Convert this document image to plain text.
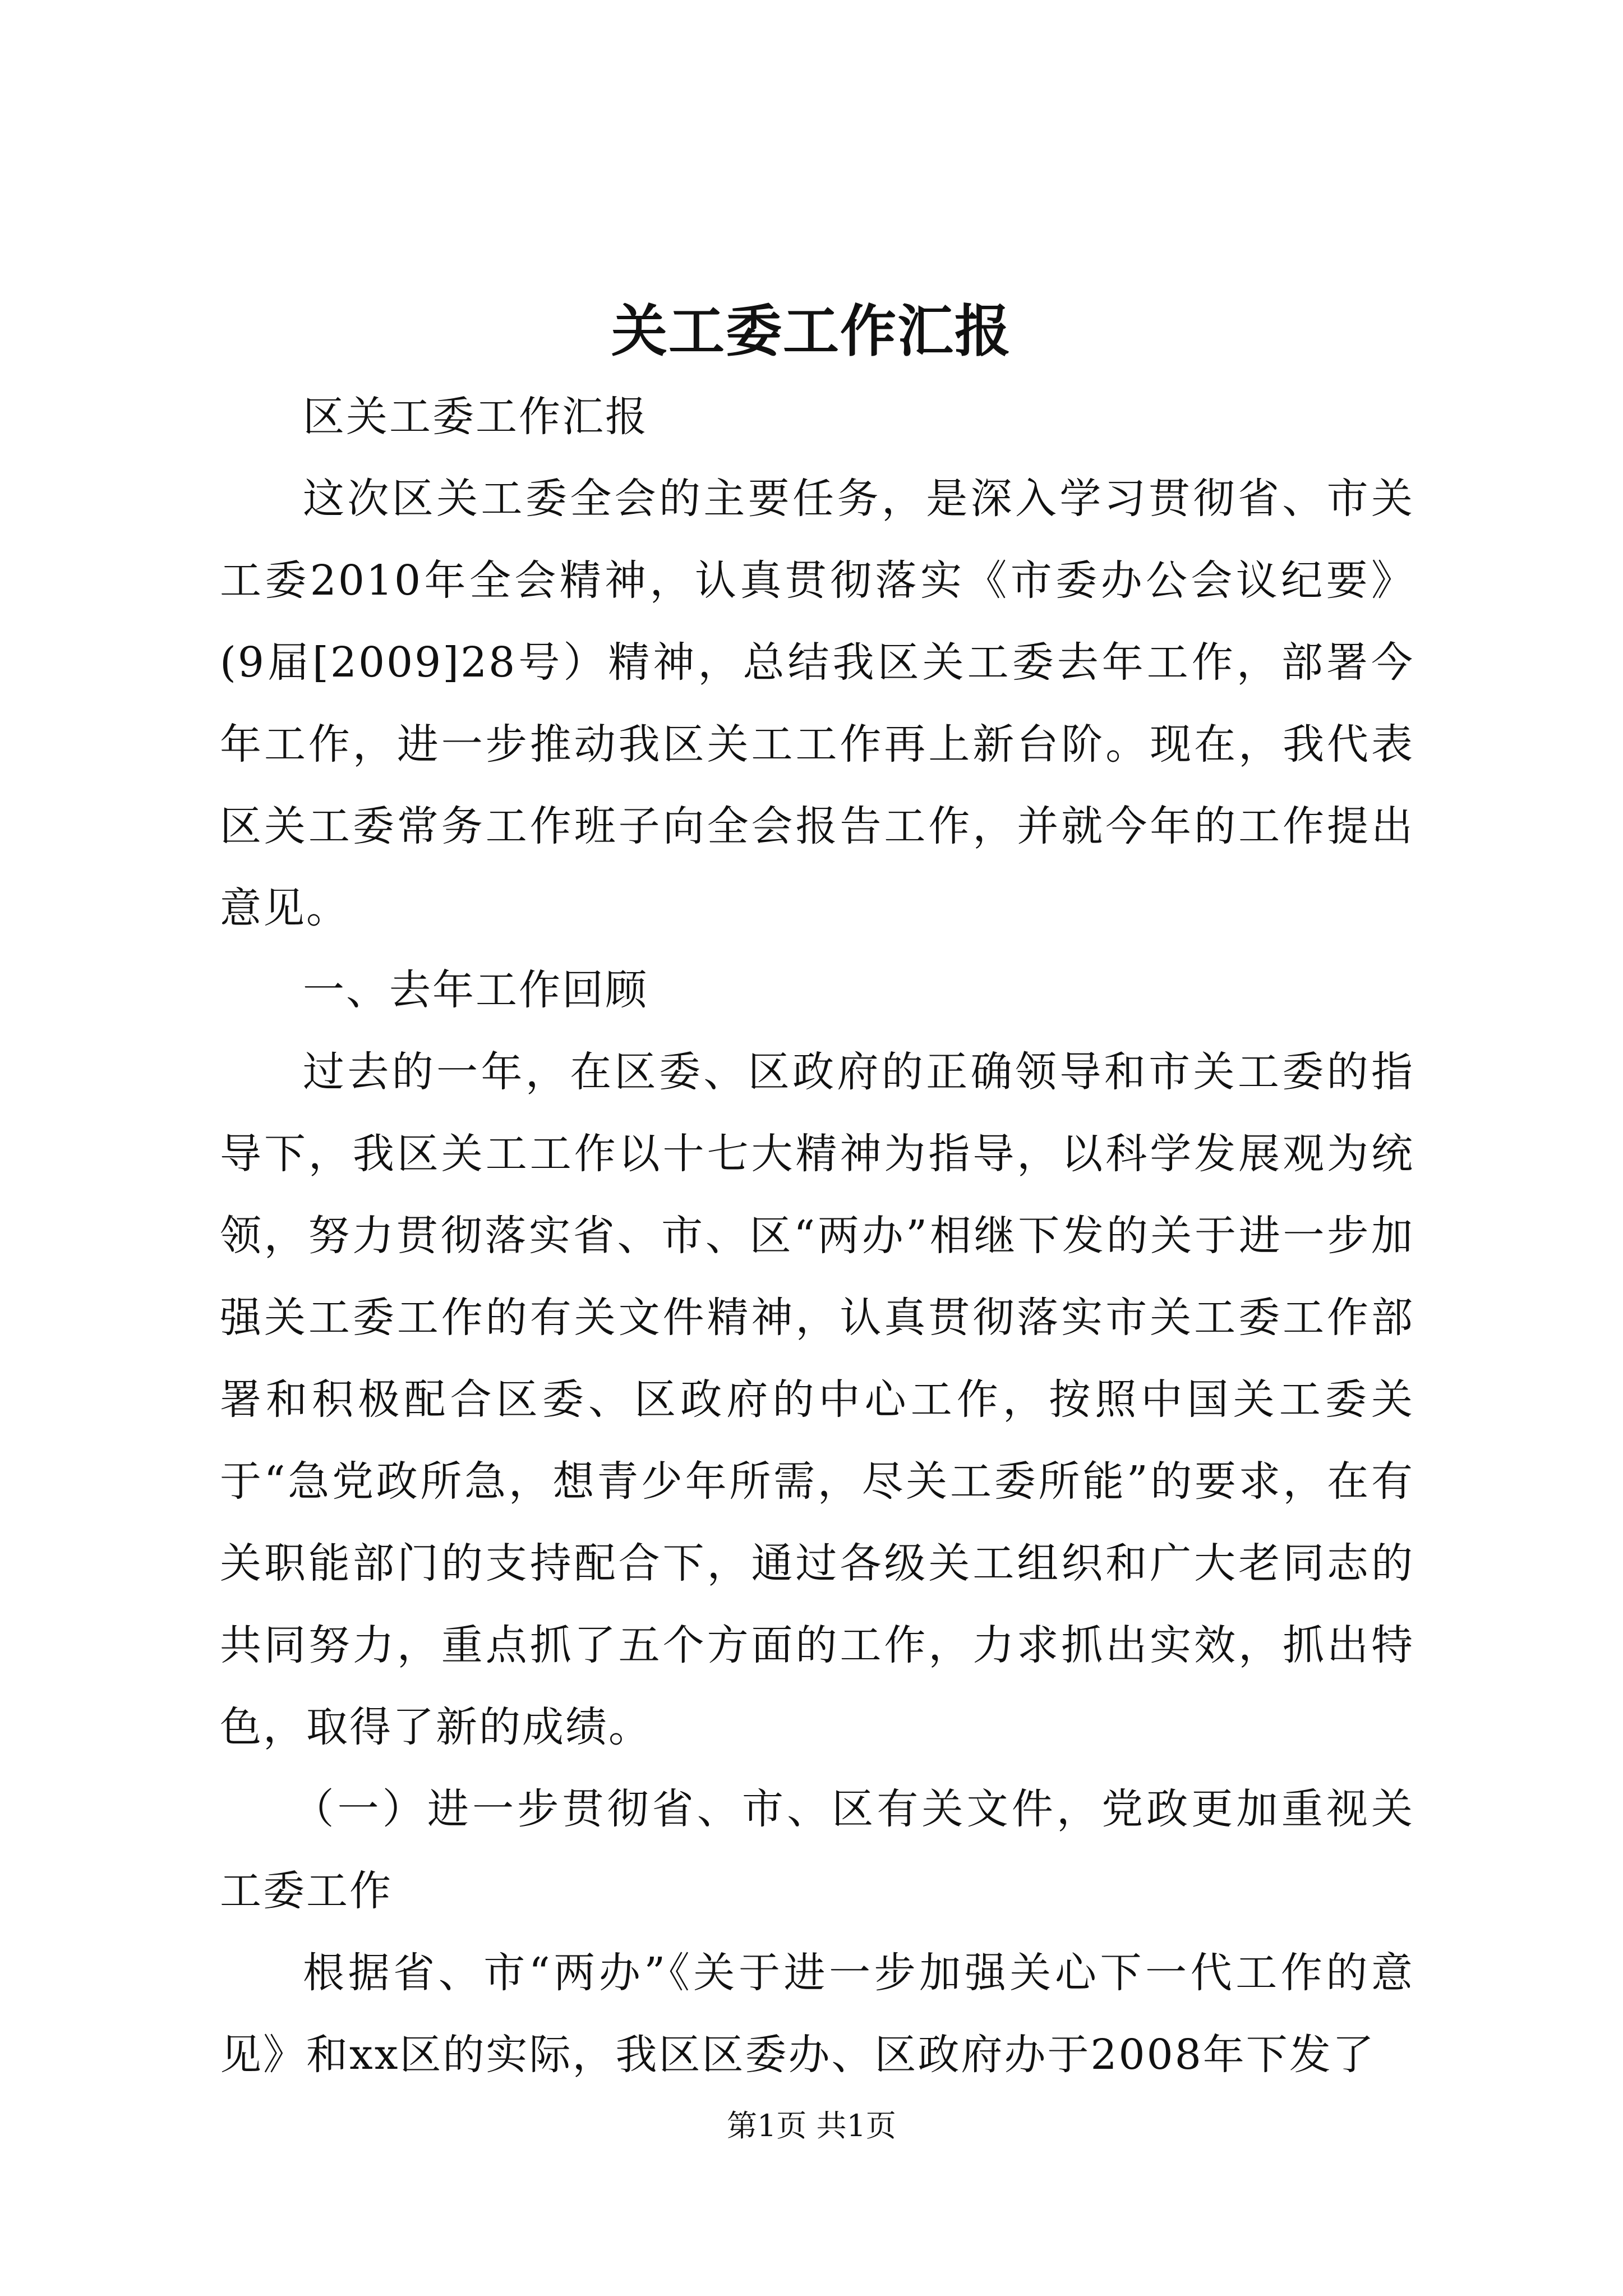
关工委工作汇报

区关工委工作汇报

这次区关工委全会的主要任务，是深入学习贯彻省、市关工委2010年全会精神，认真贯彻落实《市委办公会议纪要》(9届[2009]28号）精神，总结我区关工委去年工作，部署今年工作，进一步推动我区关工工作再上新台阶。现在，我代表区关工委常务工作班子向全会报告工作，并就今年的工作提出意见。

一、去年工作回顾

过去的一年，在区委、区政府的正确领导和市关工委的指导下，我区关工工作以十七大精神为指导，以科学发展观为统领，努力贯彻落实省、市、区“两办”相继下发的关于进一步加强关工委工作的有关文件精神，认真贯彻落实市关工委工作部署和积极配合区委、区政府的中心工作，按照中国关工委关于“急党政所急，想青少年所需，尽关工委所能”的要求，在有关职能部门的支持配合下，通过各级关工组织和广大老同志的共同努力，重点抓了五个方面的工作，力求抓出实效，抓出特色，取得了新的成绩。

（一）进一步贯彻省、市、区有关文件，党政更加重视关工委工作

根据省、市“两办”《关于进一步加强关心下一代工作的意见》和xx区的实际，我区区委办、区政府办于2008年下发了

第1页 共1页
